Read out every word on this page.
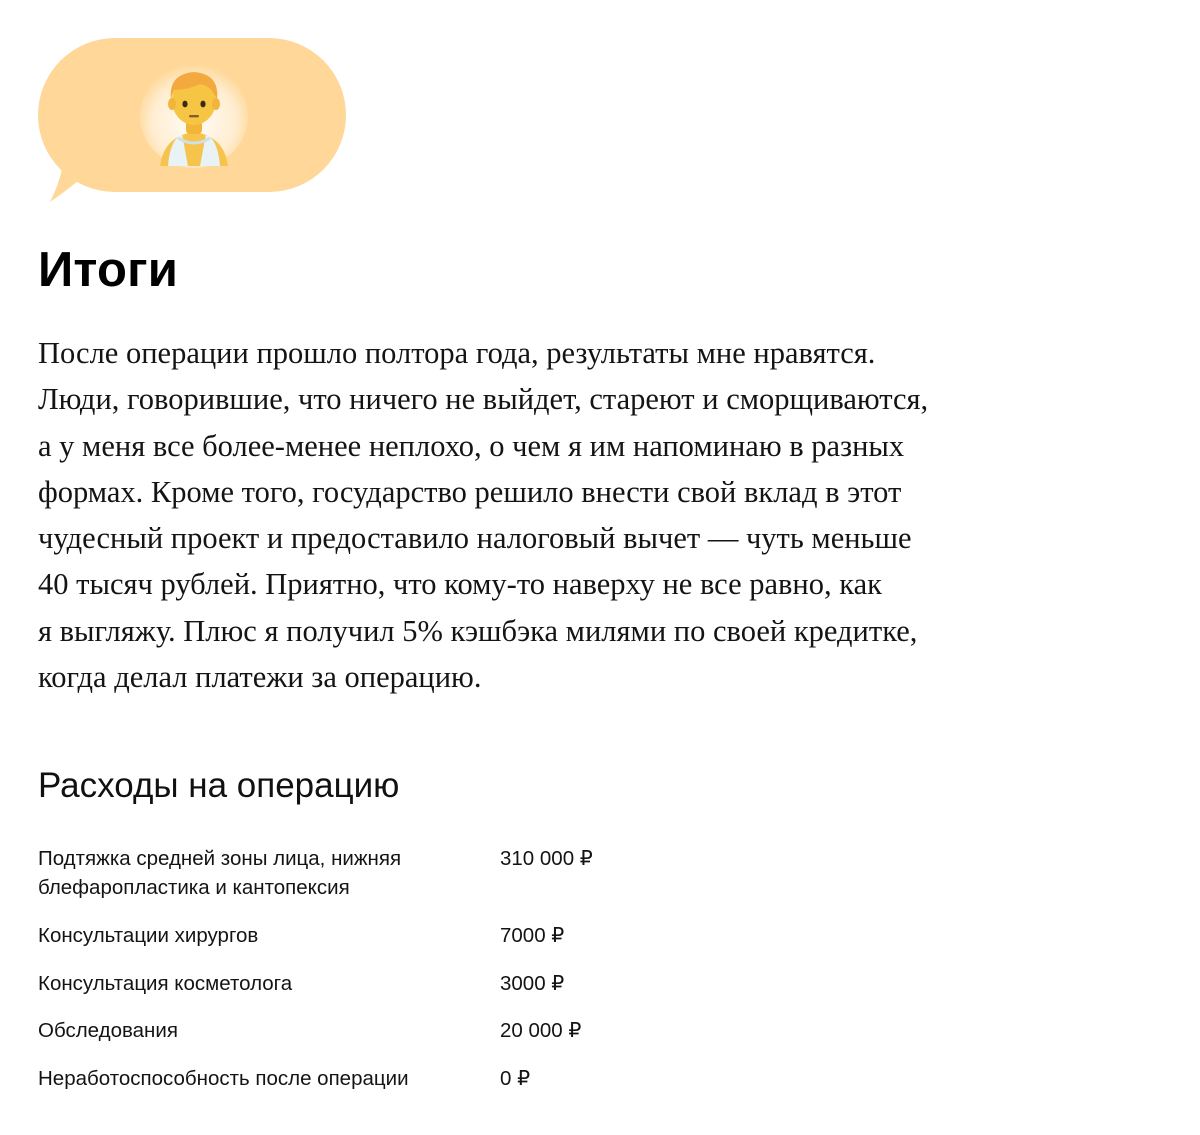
Итоги
После операции прошло полтора года, результаты мне нравятся.
Люди, говорившие, что ничего не выйдет, стареют и сморщиваются,
а у меня все более-менее неплохо, о чем я им напоминаю в разных
формах. Кроме того, государство решило внести свой вклад в этот
чудесный проект и предоставило налоговый вычет — чуть меньше
40 тысяч рублей. Приятно, что кому-то наверху не все равно, как
я выгляжу. Плюс я получил 5% кэшбэка милями по своей кредитке,
когда делал платежи за операцию.
Расходы на операцию
Подтяжка средней зоны лица, нижняя
блефаропластика и кантопексия
310 000 ₽
Консультации хирургов	7000 ₽
Консультация косметолога	3000 ₽
Обследования	20 000 ₽
Неработоспособность после операции	0 ₽
